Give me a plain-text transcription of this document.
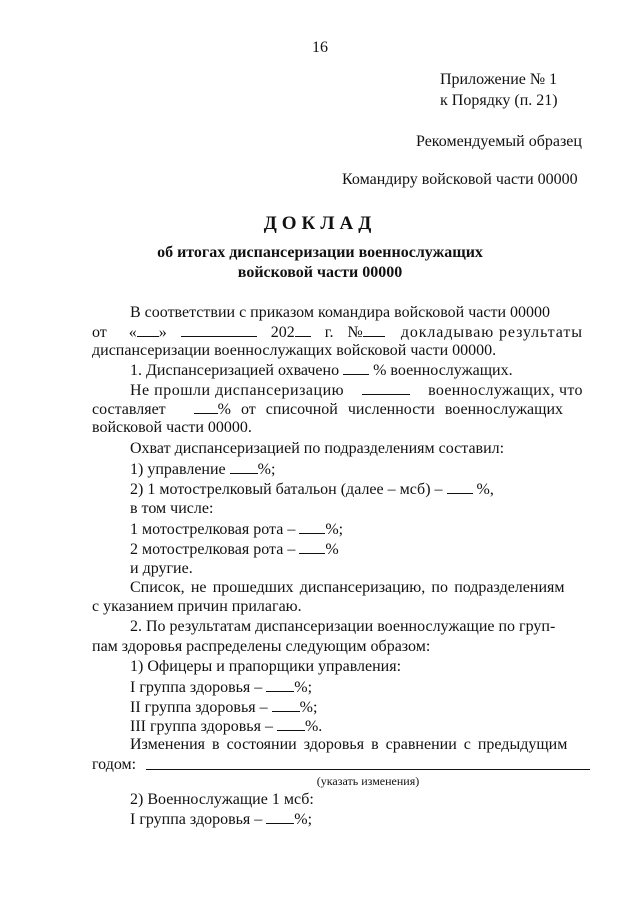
16
Приложение № 1
к Порядку (п. 21)
Рекомендуемый образец
Командиру войсковой части 00000
ДОКЛАД
об итогах диспансеризации военнослужащих
войсковой части 00000
В соответствии с приказом командира войсковой части 00000
от « »	202 г. № докладываю результаты
диспансеризации военнослужащих войсковой части 00000.
1. Диспансеризацией охвачено % военнослужащих.
Не прошли диспансеризацию	военнослужащих, что
составляет	% от списочной численности военнослужащих
войсковой части 00000.
Охват диспансеризацией по подразделениям составил:
1) управление %;
2) 1 мотострелковый батальон (далее – мсб) – %,
в том числе:
1 мотострелковая рота – %;
2 мотострелковая рота – %
и другие.
Список, не прошедших диспансеризацию, по подразделениям
с указанием причин прилагаю.
2. По результатам диспансеризации военнослужащие по груп-
пам здоровья распределены следующим образом:
1) Офицеры и прапорщики управления:
I группа здоровья – %;
II группа здоровья – %;
III группа здоровья – %.
Изменения в состоянии здоровья в сравнении с предыдущим
годом:
(указать изменения)
2) Военнослужащие 1 мсб:
I группа здоровья – %;
